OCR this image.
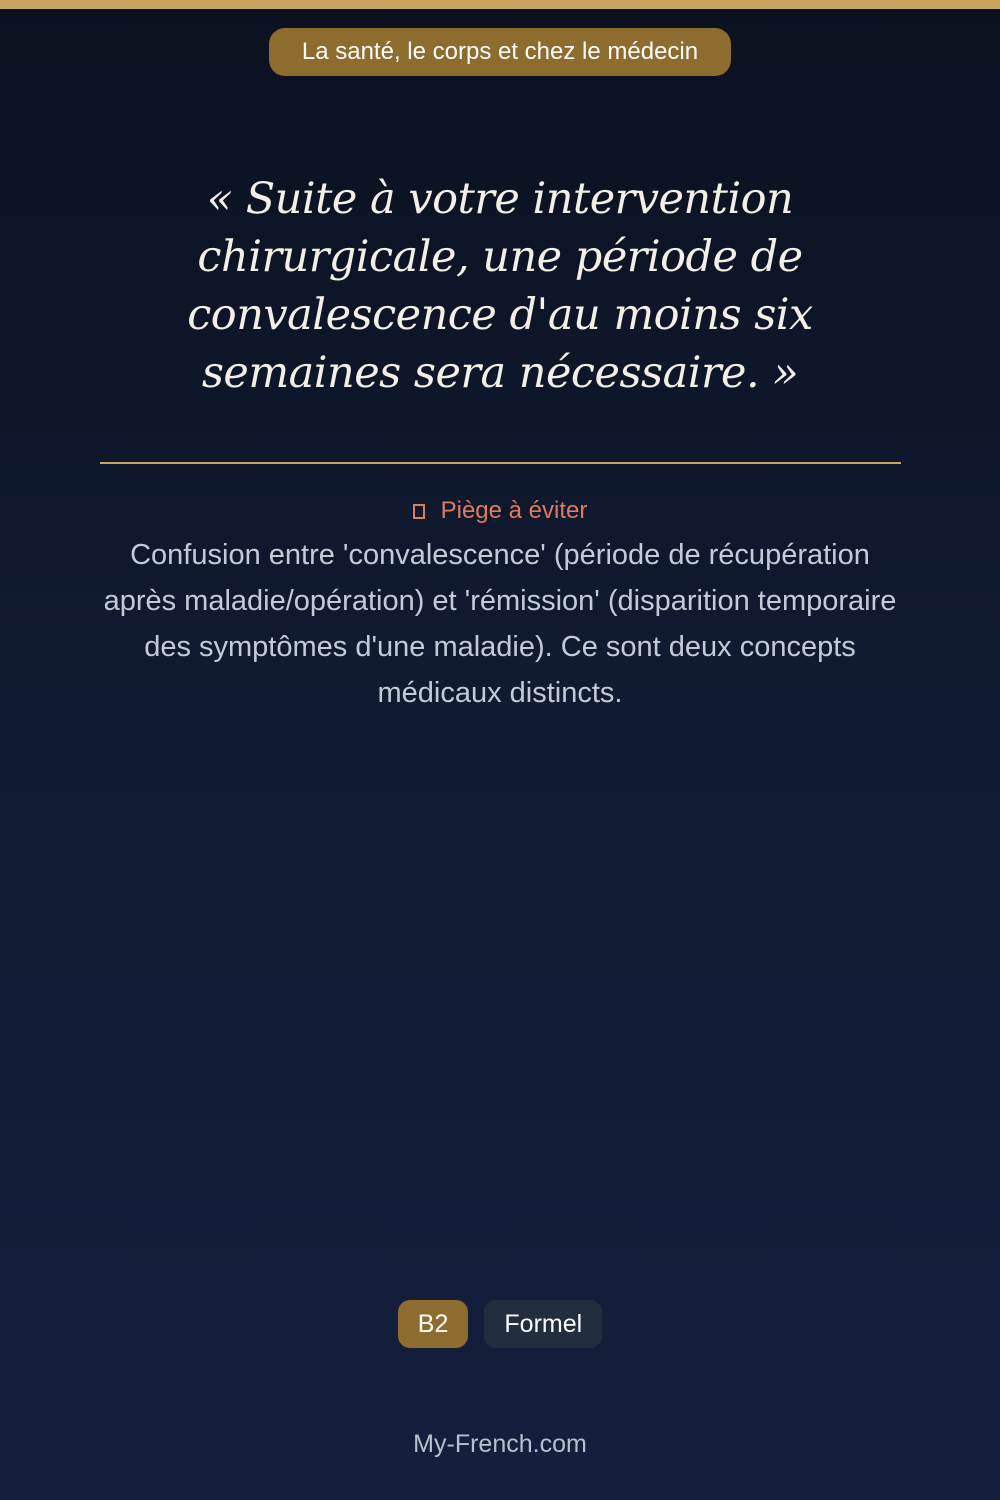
La santé, le corps et chez le médecin

« Suite à votre intervention chirurgicale, une période de convalescence d'au moins six semaines sera nécessaire. »

Piège à éviter

Confusion entre 'convalescence' (période de récupération après maladie/opération) et 'rémission' (disparition temporaire des symptômes d'une maladie). Ce sont deux concepts médicaux distincts.

B2	Formel
My-French.com
